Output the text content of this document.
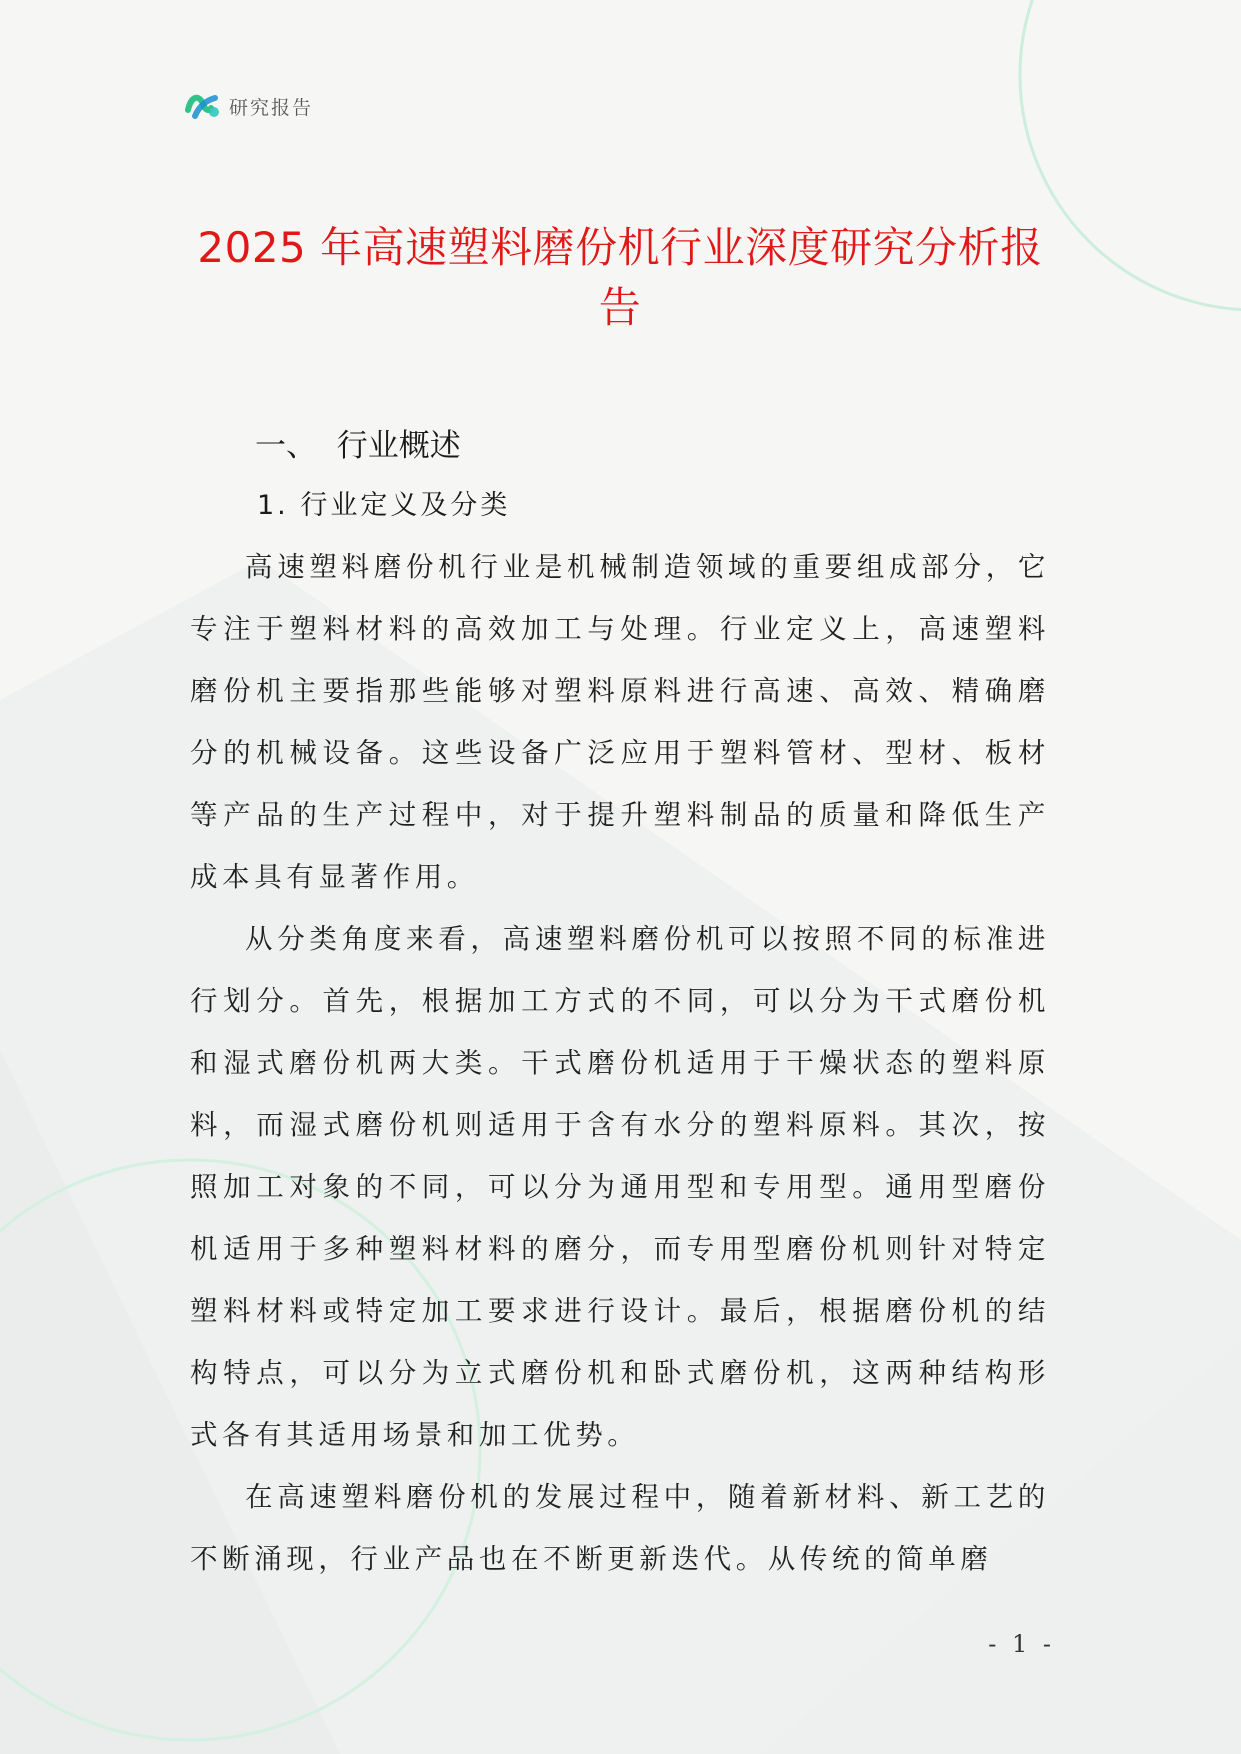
研究报告
2025 年高速塑料磨份机行业深度研究分析报告
一、  行业概述
1. 行业定义及分类

高速塑料磨份机行业是机械制造领域的重要组成部分，它专注于塑料材料的高效加工与处理。行业定义上，高速塑料磨份机主要指那些能够对塑料原料进行高速、高效、精确磨分的机械设备。这些设备广泛应用于塑料管材、型材、板材等产品的生产过程中，对于提升塑料制品的质量和降低生产成本具有显著作用。

从分类角度来看，高速塑料磨份机可以按照不同的标准进行划分。首先，根据加工方式的不同，可以分为干式磨份机和湿式磨份机两大类。干式磨份机适用于干燥状态的塑料原料，而湿式磨份机则适用于含有水分的塑料原料。其次，按照加工对象的不同，可以分为通用型和专用型。通用型磨份机适用于多种塑料材料的磨分，而专用型磨份机则针对特定塑料材料或特定加工要求进行设计。最后，根据磨份机的结构特点，可以分为立式磨份机和卧式磨份机，这两种结构形式各有其适用场景和加工优势。

在高速塑料磨份机的发展过程中，随着新材料、新工艺的不断涌现，行业产品也在不断更新迭代。从传统的简单磨

- 1 -
